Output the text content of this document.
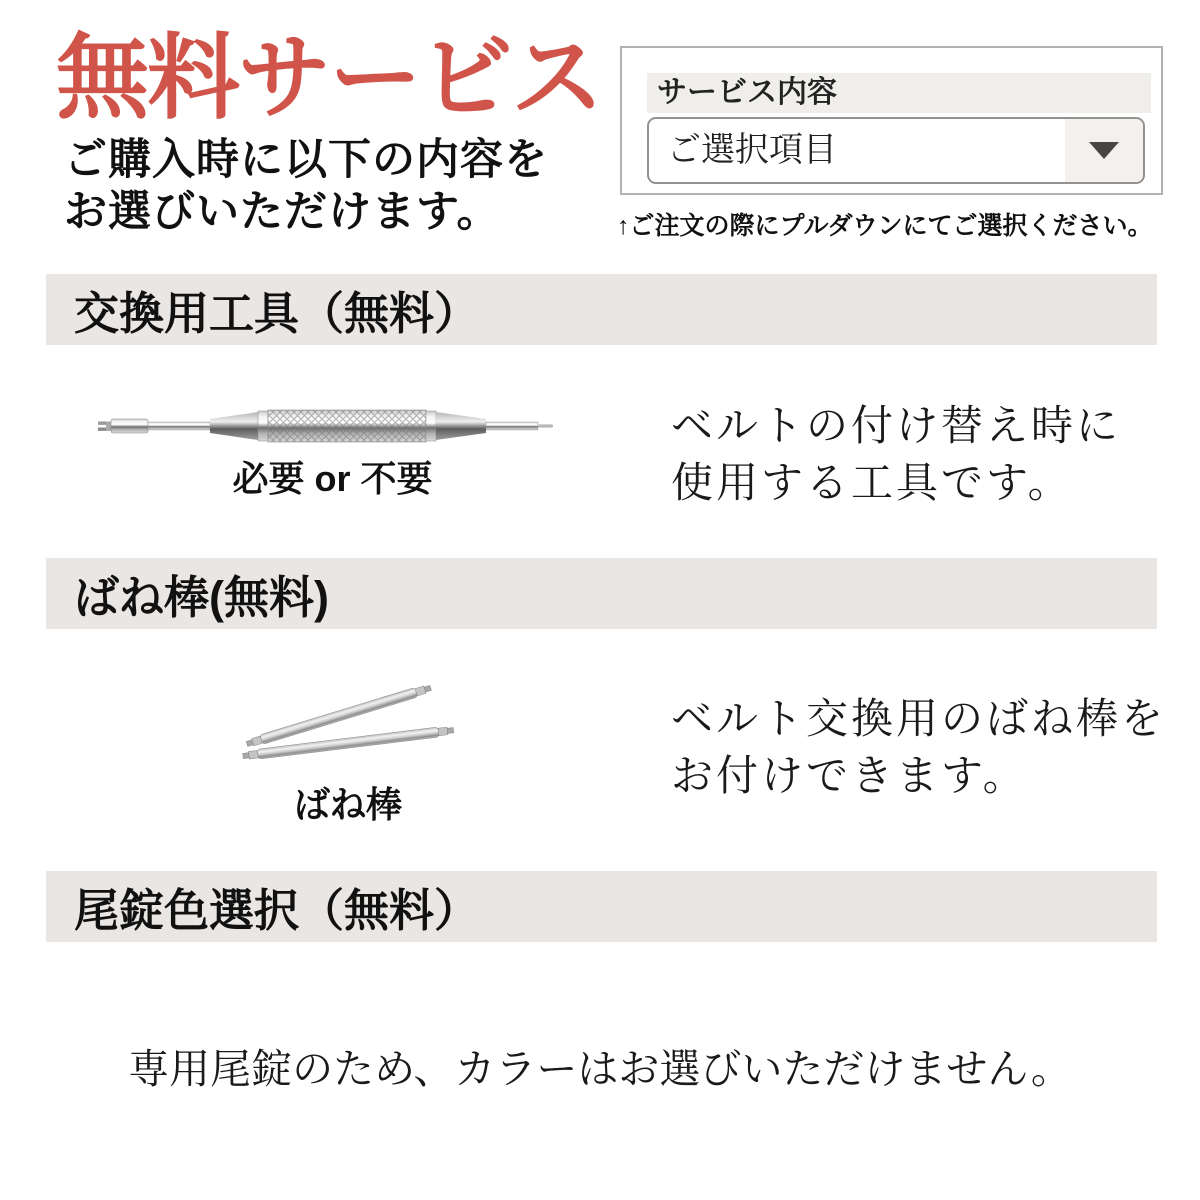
無料サービス
ご購入時に以下の内容を
お選びいただけます。
サービス内容
ご選択項目
↑ご注文の際にプルダウンにてご選択ください。
交換用工具（無料）
必要 or 不要
ベルトの付け替え時に
使用する工具です。
ばね棒(無料)
ばね棒
ベルト交換用のばね棒を
お付けできます。
尾錠色選択（無料）
専用尾錠のため、カラーはお選びいただけません。
